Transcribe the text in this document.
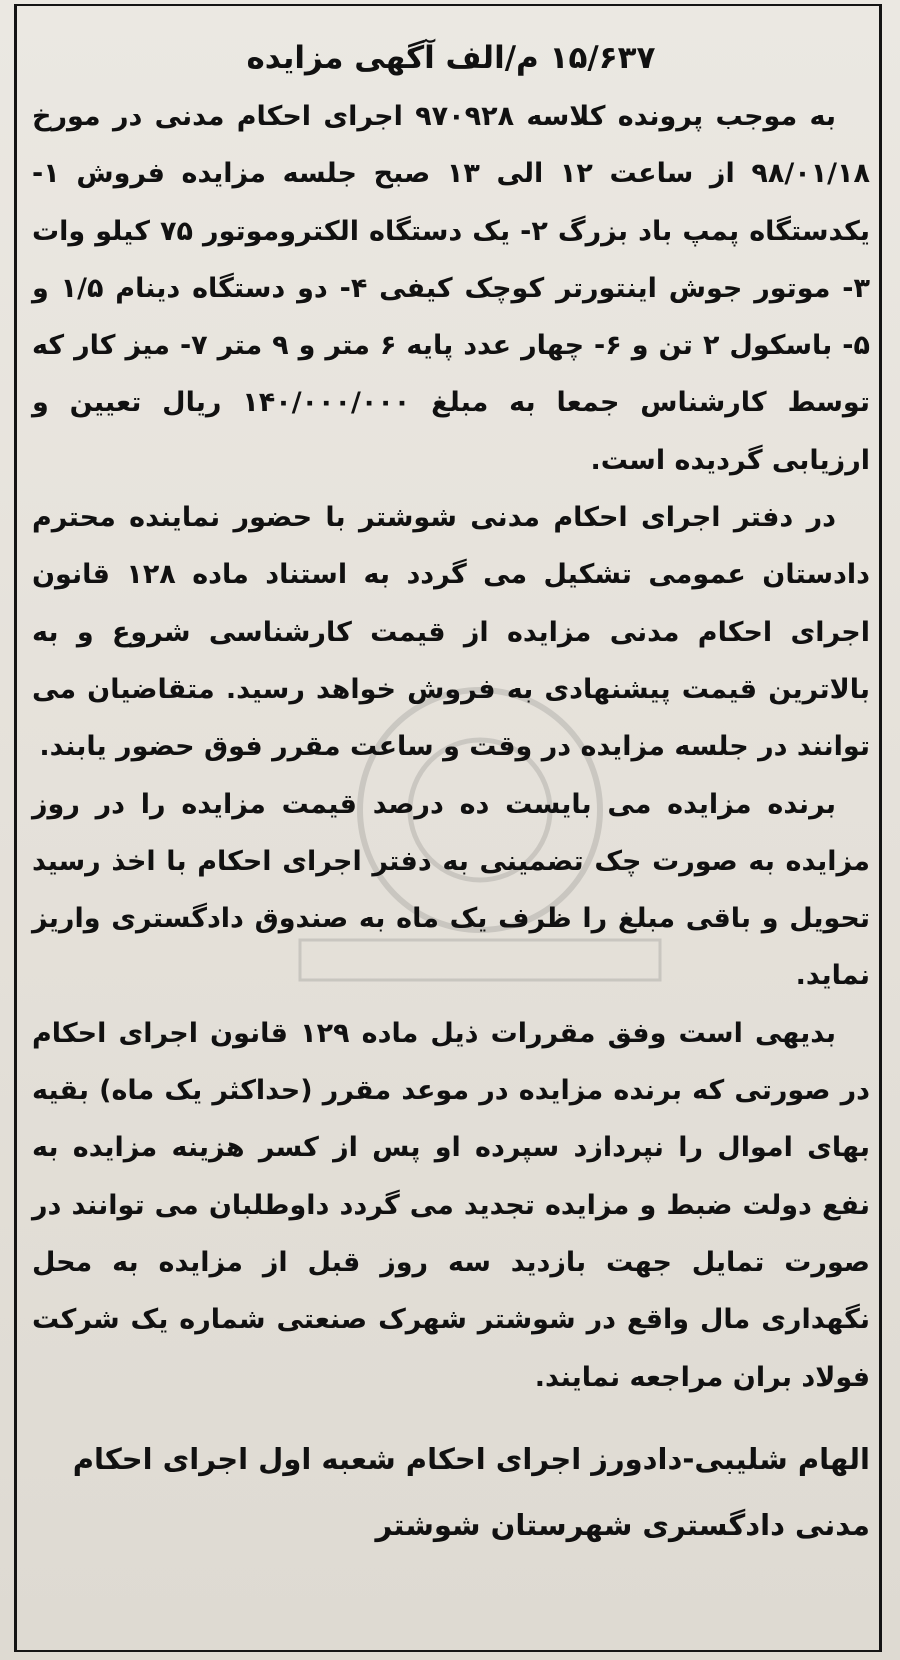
۱۵/۶۳۷ م/الف آگهی مزایده

به موجب پرونده کلاسه ۹۷۰۹۲۸ اجرای احکام مدنی در مورخ ۹۸/۰۱/۱۸ از ساعت ۱۲ الی ۱۳ صبح جلسه مزایده فروش ۱- یکدستگاه پمپ باد بزرگ ۲- یک دستگاه الکتروموتور ۷۵ کیلو وات ۳- موتور جوش اینتورتر کوچک کیفی ۴- دو دستگاه دینام ۱/۵ و ۵- باسکول ۲ تن و ۶- چهار عدد پایه ۶ متر و ۹ متر ۷- میز کار که توسط کارشناس جمعا به مبلغ ۱۴۰/۰۰۰/۰۰۰ ریال تعیین و ارزیابی گردیده است.

در دفتر اجرای احکام مدنی شوشتر با حضور نماینده محترم دادستان عمومی تشکیل می گردد به استناد ماده ۱۲۸ قانون اجرای احکام مدنی مزایده از قیمت کارشناسی شروع و به بالاترین قیمت پیشنهادی به فروش خواهد رسید. متقاضیان می توانند در جلسه مزایده در وقت و ساعت مقرر فوق حضور یابند.

برنده مزایده می بایست ده درصد قیمت مزایده را در روز مزایده به صورت چک تضمینی به دفتر اجرای احکام با اخذ رسید تحویل و باقی مبلغ را ظرف یک ماه به صندوق دادگستری واریز نماید.

بدیهی است وفق مقررات ذیل ماده ۱۲۹ قانون اجرای احکام در صورتی که برنده مزایده در موعد مقرر (حداکثر یک ماه) بقیه بهای اموال را نپردازد سپرده او پس از کسر هزینه مزایده به نفع دولت ضبط و مزایده تجدید می گردد داوطلبان می توانند در صورت تمایل جهت بازدید سه روز قبل از مزایده به محل نگهداری مال واقع در شوشتر شهرک صنعتی شماره یک شرکت فولاد بران مراجعه نمایند.

الهام شلیبی-دادورز اجرای احکام شعبه اول اجرای احکام
مدنی دادگستری شهرستان شوشتر
